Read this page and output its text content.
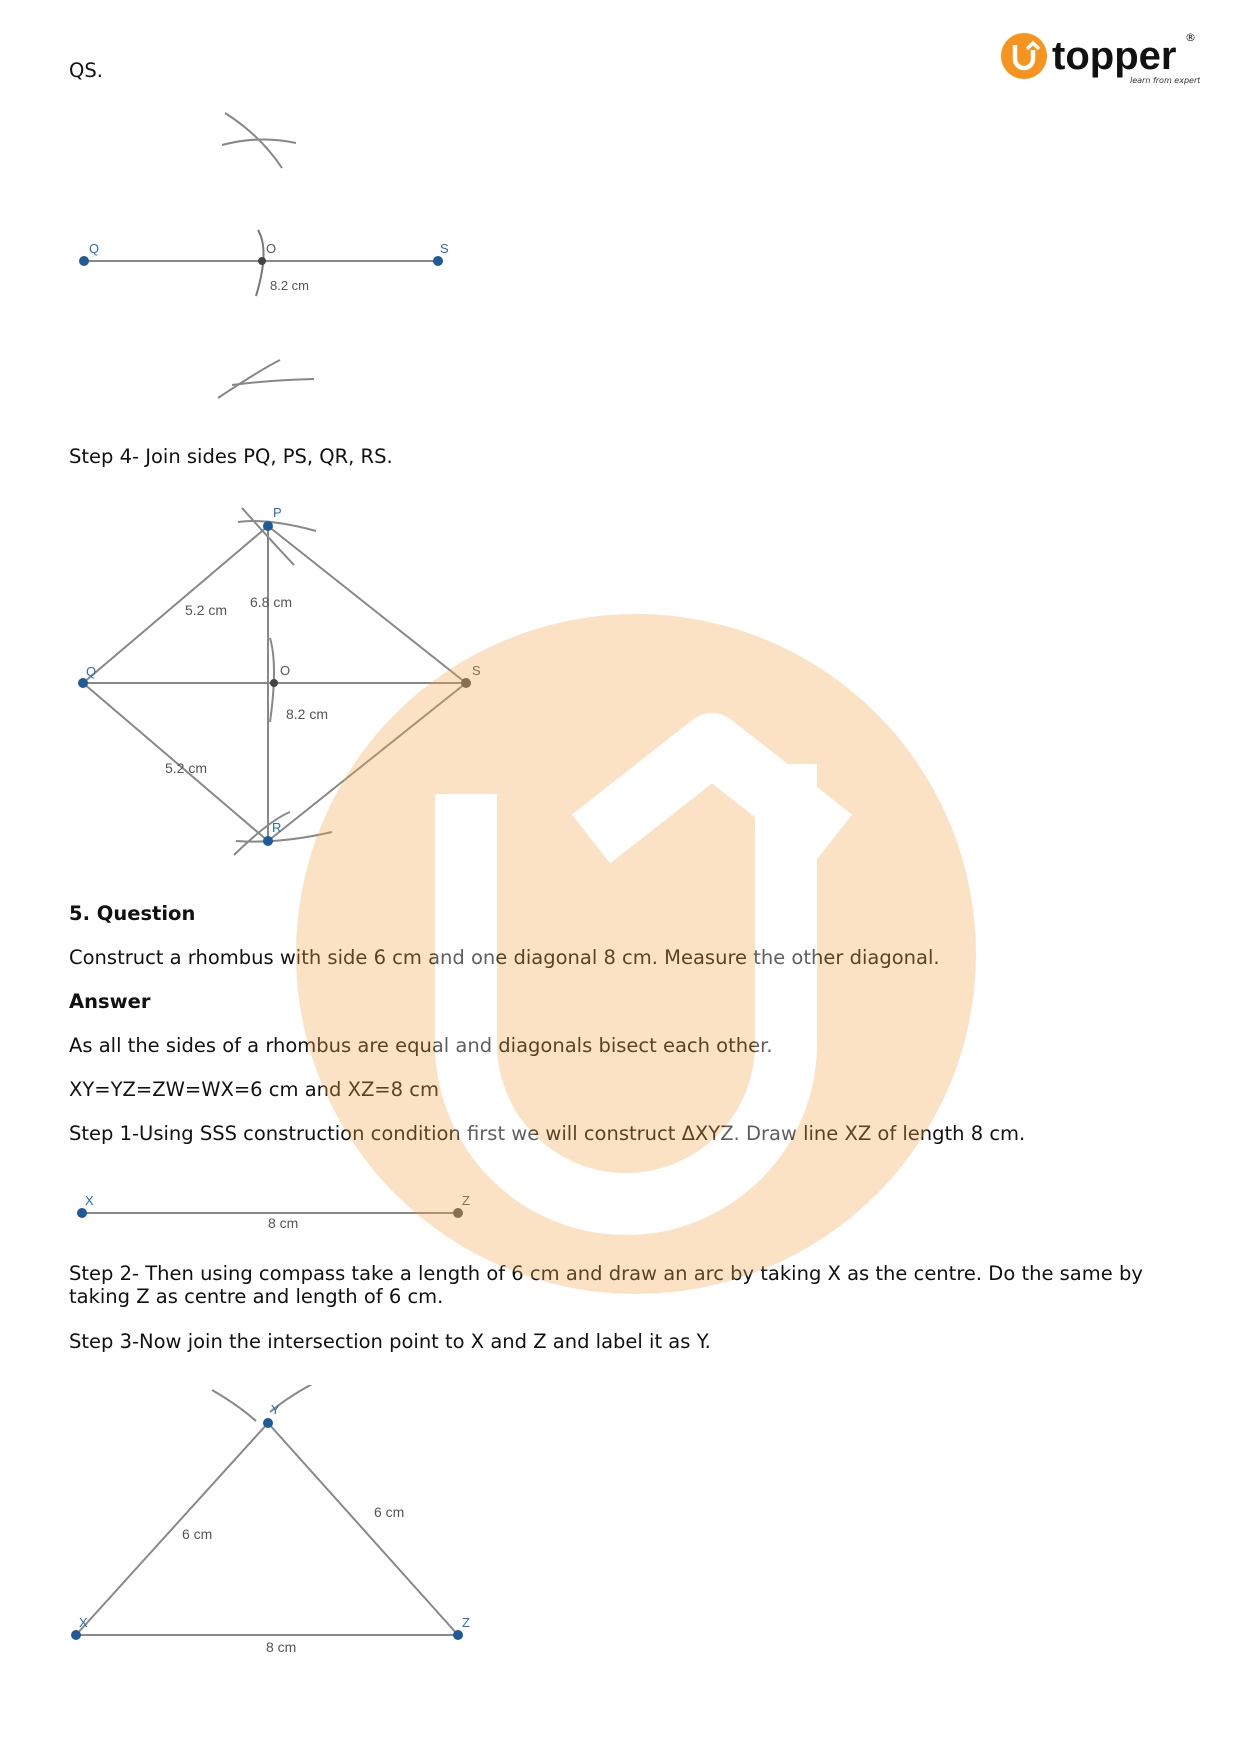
topper ®
learn from experts
QS.
Q	O	S
8.2 cm
Step 4- Join sides PQ, PS, QR, RS.
P
Q	O	S
R
5.2 cm 6.8 cm
8.2 cm
5.2 cm
5. Question
Construct a rhombus with side 6 cm and one diagonal 8 cm. Measure the other diagonal.
Answer
As all the sides of a rhombus are equal and diagonals bisect each other.
XY=YZ=ZW=WX=6 cm and XZ=8 cm
Step 1-Using SSS construction condition first we will construct ΔXYZ. Draw line XZ of length 8 cm.
X	Z
8 cm
Step 2- Then using compass take a length of 6 cm and draw an arc by taking X as the centre. Do the same by taking Z as centre and length of 6 cm.
Step 3-Now join the intersection point to X and Z and label it as Y.
Y
X	Z
6 cm
6 cm
8 cm
